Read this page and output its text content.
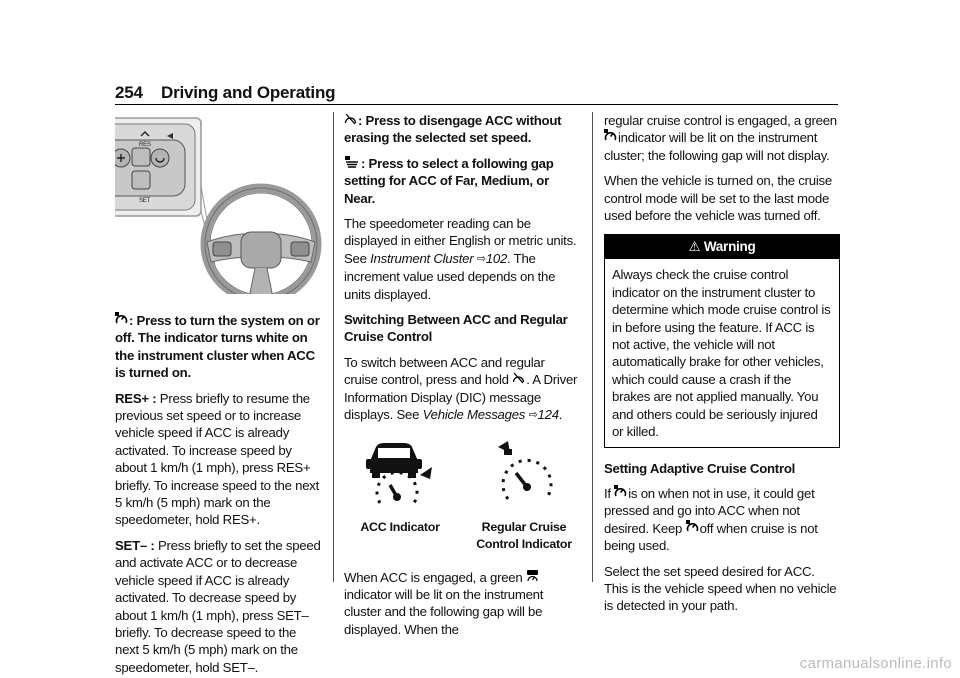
254 Driving and Operating
RES
SET
: Press to turn the system on or off. The indicator turns white on the instrument cluster when ACC is turned on.
RES+ : Press briefly to resume the previous set speed or to increase vehicle speed if ACC is already activated. To increase speed by about 1 km/h (1 mph), press RES+ briefly. To increase speed to the next 5 km/h (5 mph) mark on the speedometer, hold RES+.
SET– : Press briefly to set the speed and activate ACC or to decrease vehicle speed if ACC is already activated. To decrease speed by about 1 km/h (1 mph), press SET– briefly. To decrease speed to the next 5 km/h (5 mph) mark on the speedometer, hold SET–.
: Press to disengage ACC without erasing the selected set speed.
: Press to select a following gap setting for ACC of Far, Medium, or Near.
The speedometer reading can be displayed in either English or metric units. See Instrument Cluster ⇨102. The increment value used depends on the units displayed.
Switching Between ACC and Regular Cruise Control
To switch between ACC and regular cruise control, press and hold . A Driver Information Display (DIC) message displays. See Vehicle Messages ⇨124.
ACC Indicator	Regular Cruise Control Indicator
When ACC is engaged, a green indicator will be lit on the instrument cluster and the following gap will be displayed. When the
regular cruise control is engaged, a green
indicator will be lit on the instrument cluster; the following gap will not display.
When the vehicle is turned on, the cruise control mode will be set to the last mode used before the vehicle was turned off.
⚠ Warning
Always check the cruise control indicator on the instrument cluster to determine which mode cruise control is in before using the feature. If ACC is not active, the vehicle will not automatically brake for other vehicles, which could cause a crash if the brakes are not applied manually. You and others could be seriously injured or killed.
Setting Adaptive Cruise Control
If is on when not in use, it could get pressed and go into ACC when not desired. Keep off when cruise is not being used.
Select the set speed desired for ACC. This is the vehicle speed when no vehicle is detected in your path.
carmanualsonline.info
